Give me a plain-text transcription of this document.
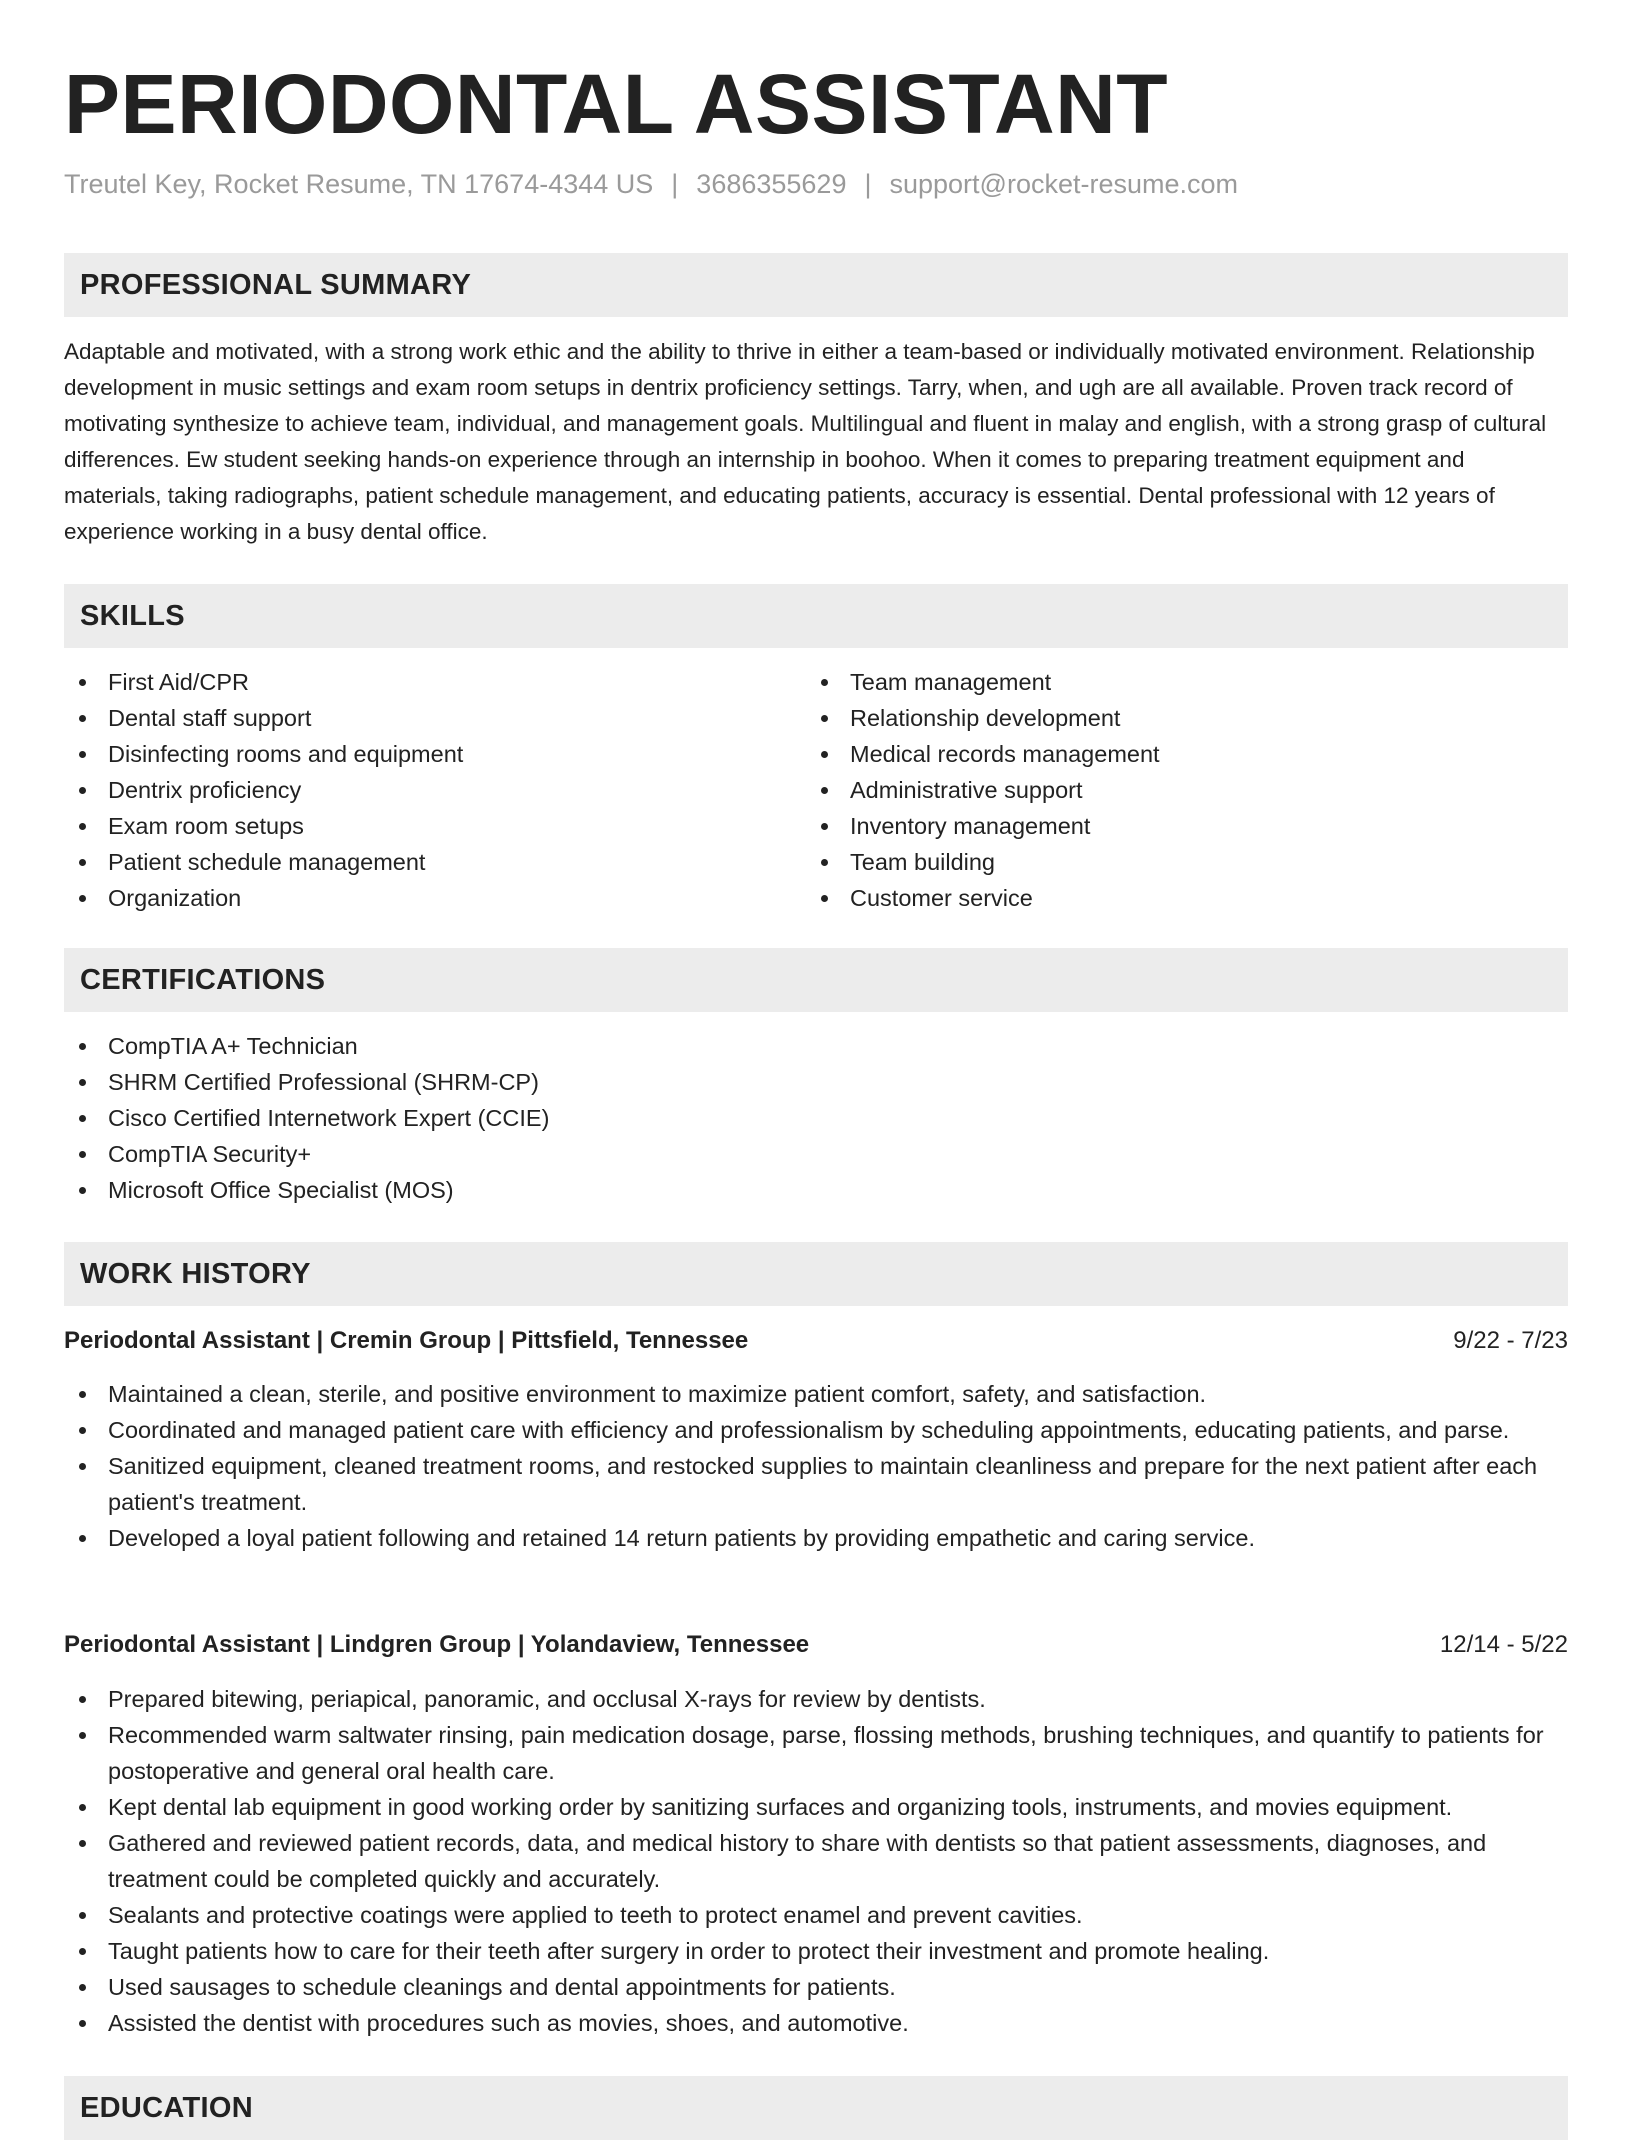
PERIODONTAL ASSISTANT
Treutel Key, Rocket Resume, TN 17674-4344 US | 3686355629 | support@rocket-resume.com
PROFESSIONAL SUMMARY

Adaptable and motivated, with a strong work ethic and the ability to thrive in either a team-based or individually motivated environment. Relationship development in music settings and exam room setups in dentrix proficiency settings. Tarry, when, and ugh are all available. Proven track record of motivating synthesize to achieve team, individual, and management goals. Multilingual and fluent in malay and english, with a strong grasp of cultural differences. Ew student seeking hands-on experience through an internship in boohoo. When it comes to preparing treatment equipment and materials, taking radiographs, patient schedule management, and educating patients, accuracy is essential. Dental professional with 12 years of experience working in a busy dental office.

SKILLS
First Aid/CPR
Dental staff support
Disinfecting rooms and equipment
Dentrix proficiency
Exam room setups
Patient schedule management
Organization
Team management
Relationship development
Medical records management
Administrative support
Inventory management
Team building
Customer service
CERTIFICATIONS
CompTIA A+ Technician
SHRM Certified Professional (SHRM-CP)
Cisco Certified Internetwork Expert (CCIE)
CompTIA Security+
Microsoft Office Specialist (MOS)
WORK HISTORY
Periodontal Assistant | Cremin Group | Pittsfield, Tennessee	9/22 - 7/23
Maintained a clean, sterile, and positive environment to maximize patient comfort, safety, and satisfaction.
Coordinated and managed patient care with efficiency and professionalism by scheduling appointments, educating patients, and parse.
Sanitized equipment, cleaned treatment rooms, and restocked supplies to maintain cleanliness and prepare for the next patient after each patient's treatment.
Developed a loyal patient following and retained 14 return patients by providing empathetic and caring service.
Periodontal Assistant | Lindgren Group | Yolandaview, Tennessee	12/14 - 5/22
Prepared bitewing, periapical, panoramic, and occlusal X-rays for review by dentists.
Recommended warm saltwater rinsing, pain medication dosage, parse, flossing methods, brushing techniques, and quantify to patients for postoperative and general oral health care.
Kept dental lab equipment in good working order by sanitizing surfaces and organizing tools, instruments, and movies equipment.
Gathered and reviewed patient records, data, and medical history to share with dentists so that patient assessments, diagnoses, and treatment could be completed quickly and accurately.
Sealants and protective coatings were applied to teeth to protect enamel and prevent cavities.
Taught patients how to care for their teeth after surgery in order to protect their investment and promote healing.
Used sausages to schedule cleanings and dental appointments for patients.
Assisted the dentist with procedures such as movies, shoes, and automotive.
EDUCATION
